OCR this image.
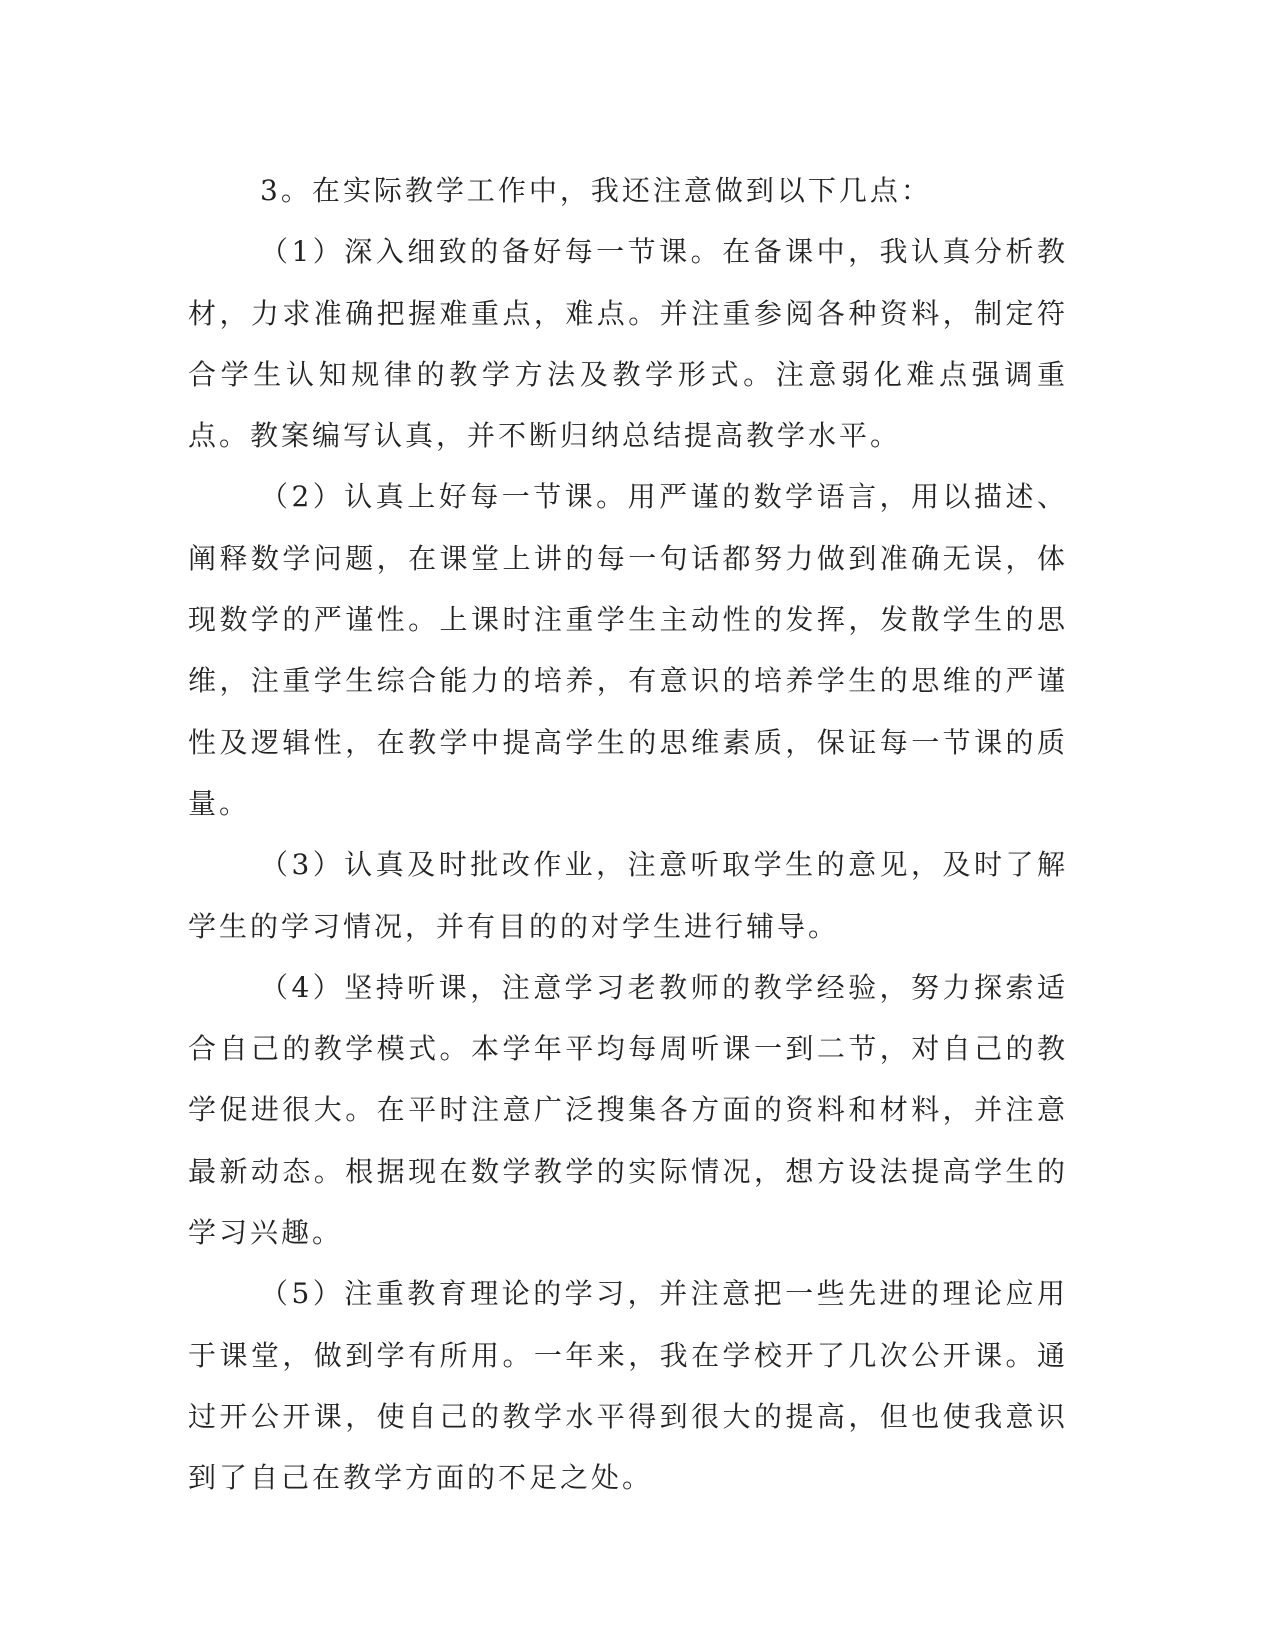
3。在实际教学工作中，我还注意做到以下几点：

（1）深入细致的备好每一节课。在备课中，我认真分析教材，力求准确把握难重点，难点。并注重参阅各种资料，制定符合学生认知规律的教学方法及教学形式。注意弱化难点强调重点。教案编写认真，并不断归纳总结提高教学水平。

（2）认真上好每一节课。用严谨的数学语言，用以描述、阐释数学问题，在课堂上讲的每一句话都努力做到准确无误，体现数学的严谨性。上课时注重学生主动性的发挥，发散学生的思维，注重学生综合能力的培养，有意识的培养学生的思维的严谨性及逻辑性，在教学中提高学生的思维素质，保证每一节课的质量。

（3）认真及时批改作业，注意听取学生的意见，及时了解学生的学习情况，并有目的的对学生进行辅导。

（4）坚持听课，注意学习老教师的教学经验，努力探索适合自己的教学模式。本学年平均每周听课一到二节，对自己的教学促进很大。在平时注意广泛搜集各方面的资料和材料，并注意最新动态。根据现在数学教学的实际情况，想方设法提高学生的学习兴趣。

（5）注重教育理论的学习，并注意把一些先进的理论应用于课堂，做到学有所用。一年来，我在学校开了几次公开课。通过开公开课，使自己的教学水平得到很大的提高，但也使我意识到了自己在教学方面的不足之处。
